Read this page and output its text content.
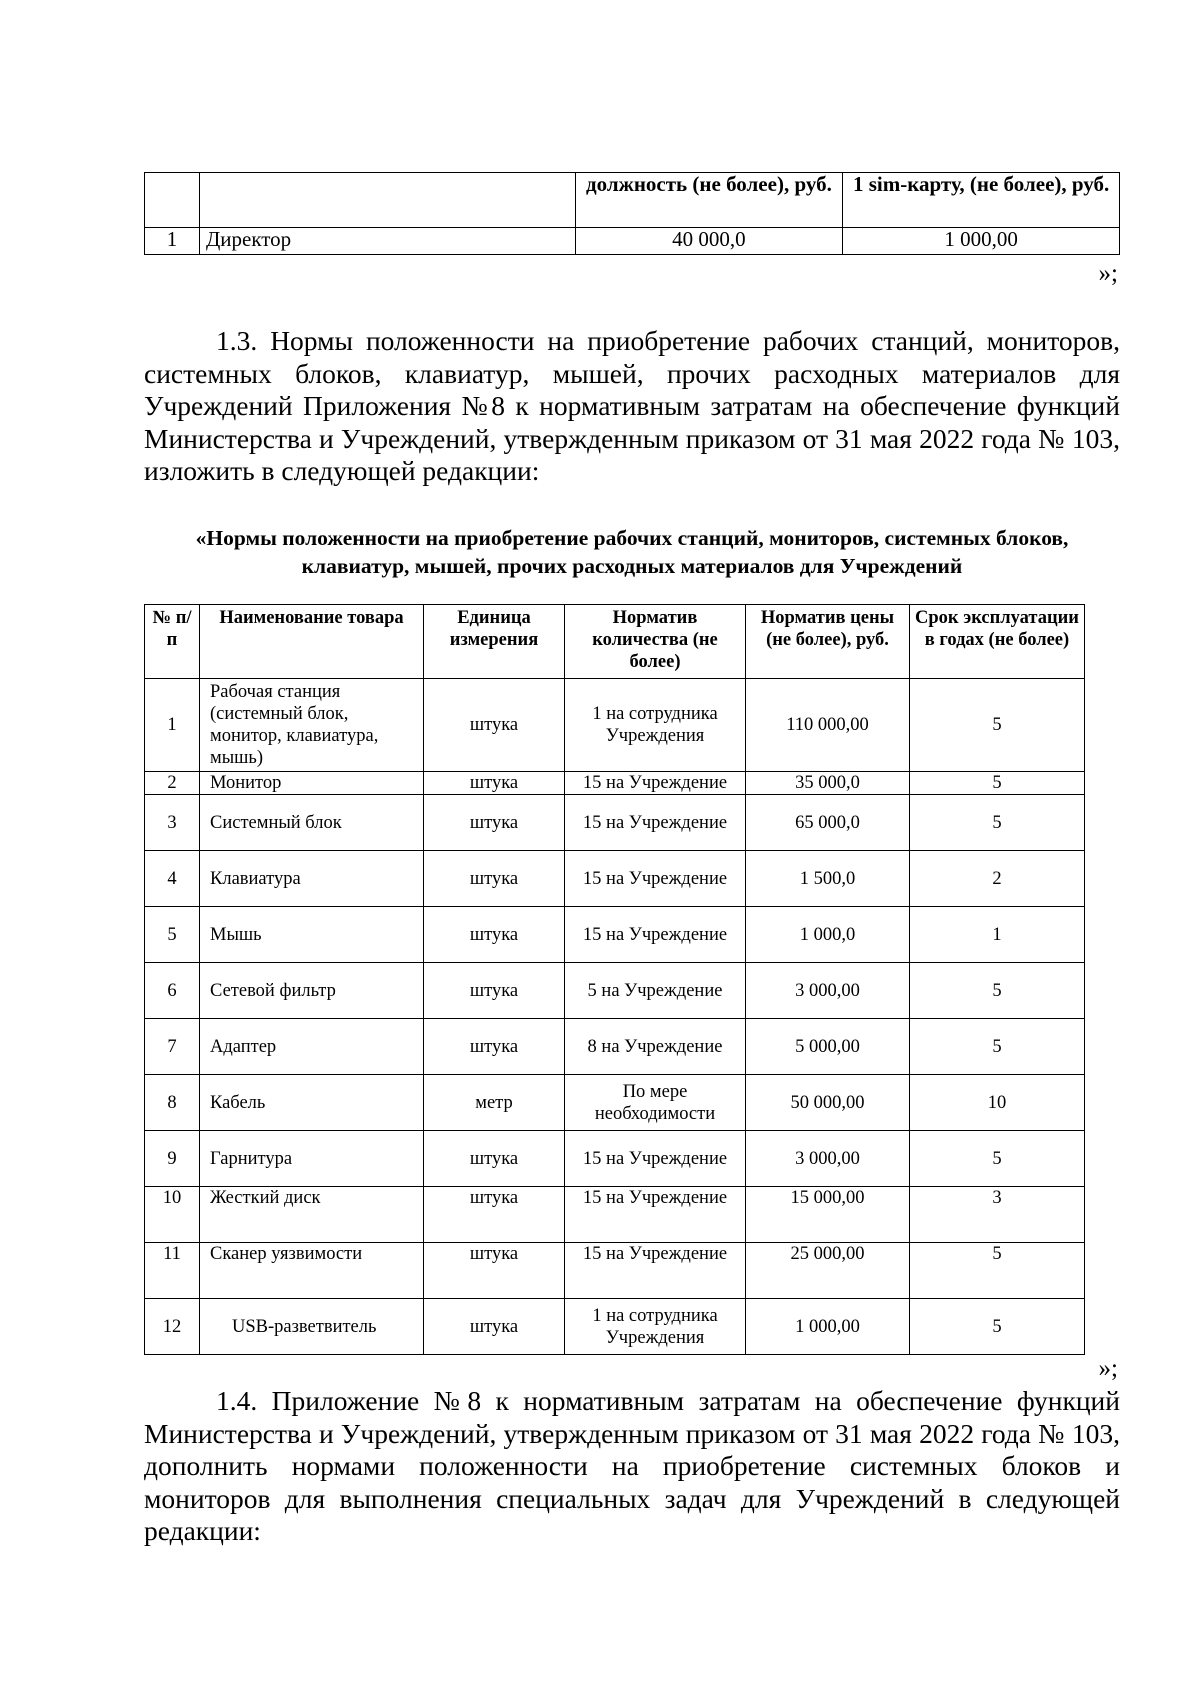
		должность (не более), руб.	1 sim-карту, (не более), руб.
1	Директор	40 000,0	1 000,00
»;
1.3. Нормы положенности на приобретение рабочих станций, мониторов, системных блоков, клавиатур, мышей, прочих расходных материалов для Учреждений Приложения №8 к нормативным затратам на обеспечение функций Министерства и Учреждений, утвержденным приказом от 31 мая 2022 года № 103, изложить в следующей редакции:
«Нормы положенности на приобретение рабочих станций, мониторов, системных блоков, клавиатур, мышей, прочих расходных материалов для Учреждений
№ п/п	Наименование товара	Единица измерения	Норматив количества (не более)	Норматив цены (не более), руб.	Срок эксплуатации в годах (не более)
1	Рабочая станция (системный блок, монитор, клавиатура, мышь)	штука	1 на сотрудника Учреждения	110 000,00	5
2	Монитор	штука	15 на Учреждение	35 000,0	5
3	Системный блок	штука	15 на Учреждение	65 000,0	5
4	Клавиатура	штука	15 на Учреждение	1 500,0	2
5	Мышь	штука	15 на Учреждение	1 000,0	1
6	Сетевой фильтр	штука	5 на Учреждение	3 000,00	5
7	Адаптер	штука	8 на Учреждение	5 000,00	5
8	Кабель	метр	По мере необходимости	50 000,00	10
9	Гарнитура	штука	15 на Учреждение	3 000,00	5
10	Жесткий диск	штука	15 на Учреждение	15 000,00	3
11	Сканер уязвимости	штука	15 на Учреждение	25 000,00	5
12	USB-разветвитель	штука	1 на сотрудника Учреждения	1 000,00	5
»;
1.4. Приложение №8 к нормативным затратам на обеспечение функций Министерства и Учреждений, утвержденным приказом от 31 мая 2022 года № 103, дополнить нормами положенности на приобретение системных блоков и мониторов для выполнения специальных задач для Учреждений в следующей редакции:
